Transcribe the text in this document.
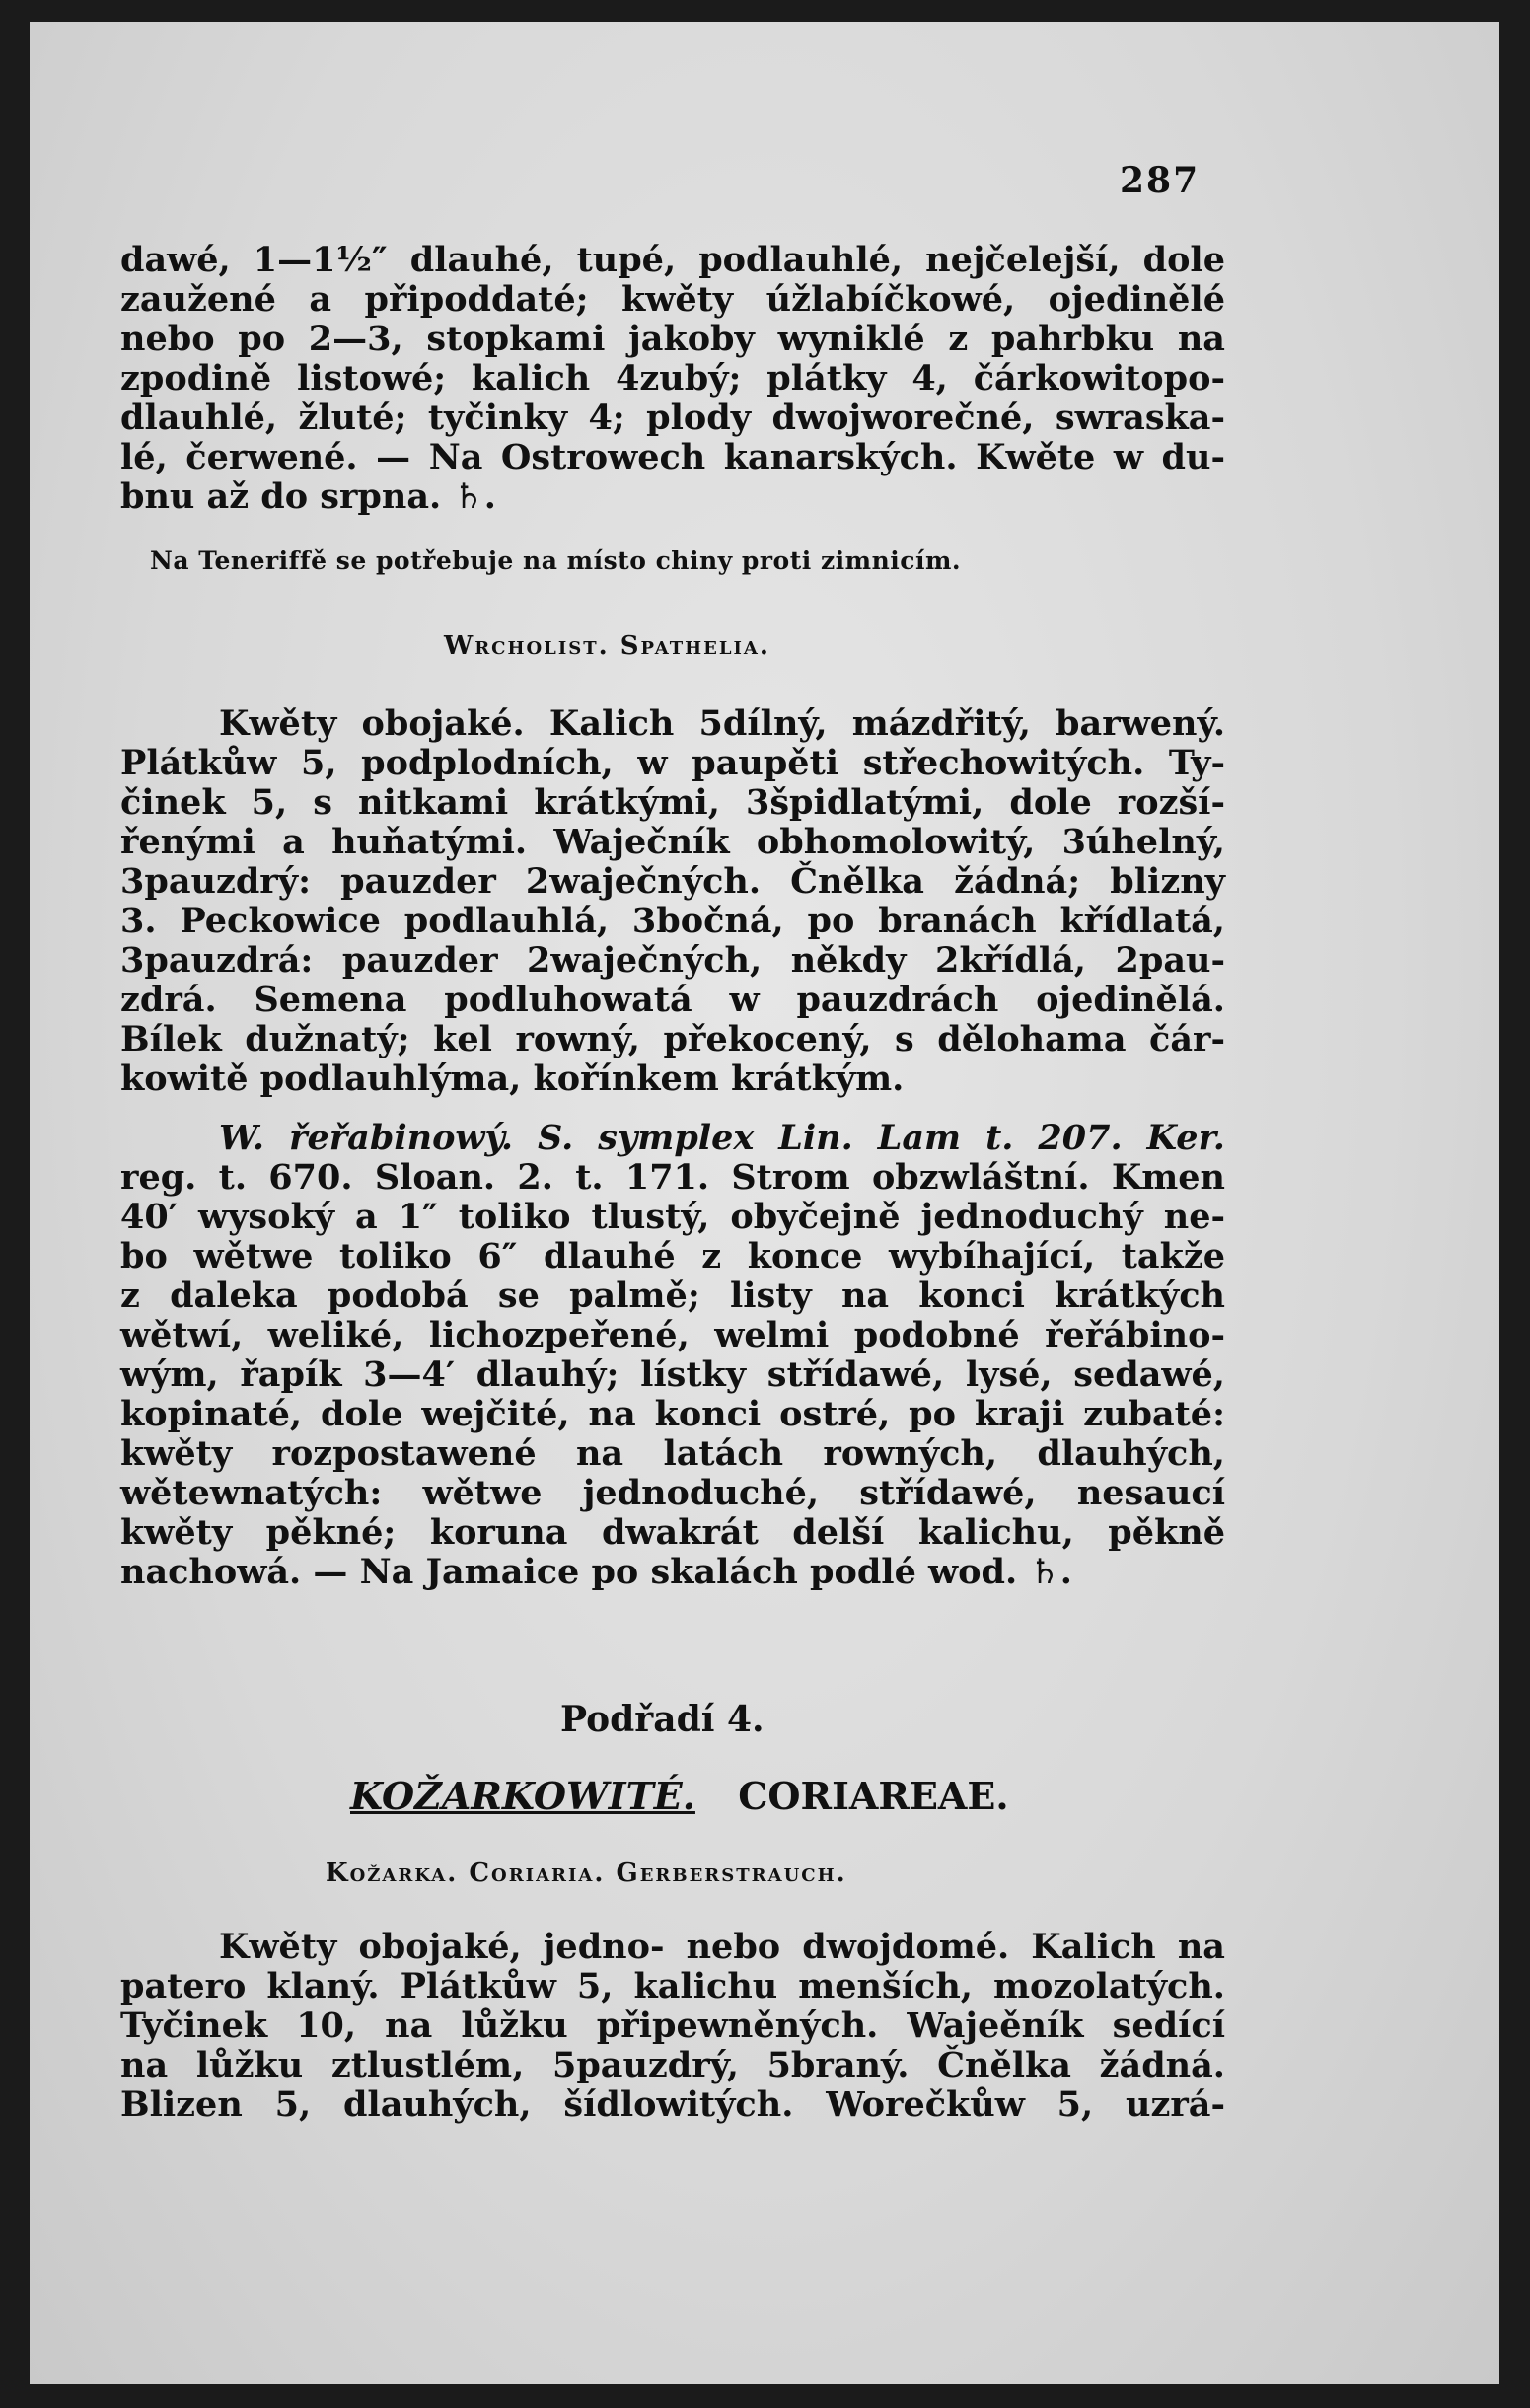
287
dawé, 1—1½″ dlauhé, tupé, podlauhlé, nejčelejší, dole
zaužené a připoddaté; kwěty úžlabíčkowé, ojedinělé
nebo po 2—3, stopkami jakoby wyniklé z pahrbku na
zpodině listowé; kalich 4zubý; plátky 4, čárkowitopo-
dlauhlé, žluté; tyčinky 4; plody dwojworečné, swraska-
lé, čerwené. — Na Ostrowech kanarských. Kwěte w du-
bnu až do srpna. ♄.
Na Teneriffě se potřebuje na místo chiny proti zimnicím.
Wrcholist. Spathelia.
Kwěty obojaké. Kalich 5dílný, mázdřitý, barwený.
Plátkůw 5, podplodních, w paupěti střechowitých. Ty-
činek 5, s nitkami krátkými, 3špidlatými, dole rozší-
řenými a huňatými. Waječník obhomolowitý, 3úhelný,
3pauzdrý: pauzder 2waječných. Čnělka žádná; blizny
3. Peckowice podlauhlá, 3bočná, po branách křídlatá,
3pauzdrá: pauzder 2waječných, někdy 2křídlá, 2pau-
zdrá. Semena podluhowatá w pauzdrách ojedinělá.
Bílek dužnatý; kel rowný, překocený, s dělohama čár-
kowitě podlauhlýma, kořínkem krátkým.
W. řeřabinowý. S. symplex Lin. Lam t. 207. Ker.
reg. t. 670. Sloan. 2. t. 171. Strom obzwláštní. Kmen
40′ wysoký a 1″ toliko tlustý, obyčejně jednoduchý ne-
bo wětwe toliko 6″ dlauhé z konce wybíhající, takže
z daleka podobá se palmě; listy na konci krátkých
wětwí, weliké, lichozpeřené, welmi podobné řeřábino-
wým, řapík 3—4′ dlauhý; lístky střídawé, lysé, sedawé,
kopinaté, dole wejčité, na konci ostré, po kraji zubaté:
kwěty rozpostawené na latách rowných, dlauhých,
wětewnatých: wětwe jednoduché, střídawé, nesaucí
kwěty pěkné; koruna dwakrát delší kalichu, pěkně
nachowá. — Na Jamaice po skalách podlé wod. ♄.
Podřadí 4.
KOŽARKOWITÉ. CORIAREAE.
Kožarka. Coriaria. Gerberstrauch.
Kwěty obojaké, jedno- nebo dwojdomé. Kalich na
patero klaný. Plátkůw 5, kalichu menších, mozolatých.
Tyčinek 10, na lůžku připewněných. Wajeěník sedící
na lůžku ztlustlém, 5pauzdrý, 5braný. Čnělka žádná.
Blizen 5, dlauhých, šídlowitých. Worečkůw 5, uzrá-
